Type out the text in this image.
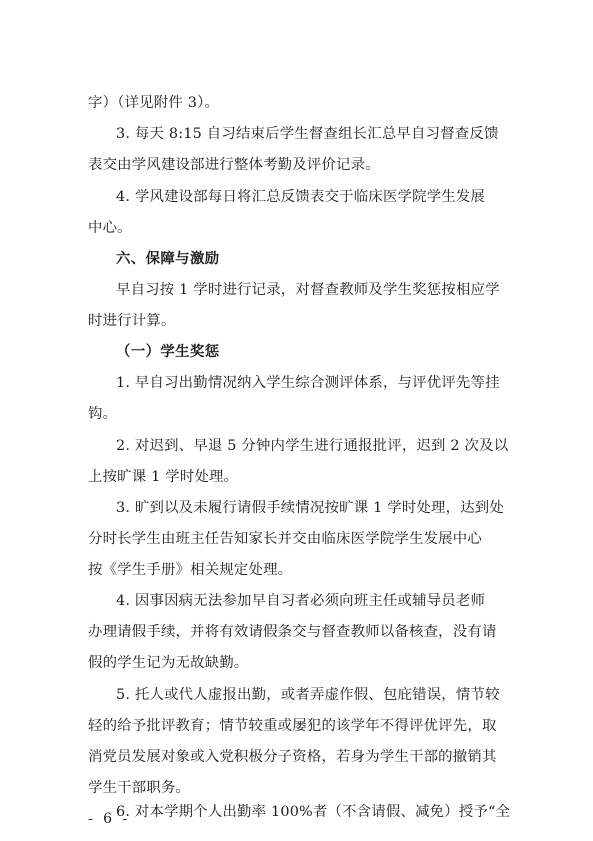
字）（详见附件 3）。
3. 每天 8:15 自习结束后学生督查组长汇总早自习督查反馈
表交由学风建设部进行整体考勤及评价记录。
4. 学风建设部每日将汇总反馈表交于临床医学院学生发展
中心。
六、保障与激励
早自习按 1 学时进行记录，对督查教师及学生奖惩按相应学
时进行计算。
（一）学生奖惩
1. 早自习出勤情况纳入学生综合测评体系，与评优评先等挂
钩。
2. 对迟到、早退 5 分钟内学生进行通报批评，迟到 2 次及以
上按旷课 1 学时处理。
3. 旷到以及未履行请假手续情况按旷课 1 学时处理，达到处
分时长学生由班主任告知家长并交由临床医学院学生发展中心
按《学生手册》相关规定处理。
4. 因事因病无法参加早自习者必须向班主任或辅导员老师
办理请假手续，并将有效请假条交与督查教师以备核查，没有请
假的学生记为无故缺勤。
5. 托人或代人虚报出勤，或者弄虚作假、包庇错误，情节较
轻的给予批评教育；情节较重或屡犯的该学年不得评优评先，取
消党员发展对象或入党积极分子资格，若身为学生干部的撤销其
学生干部职务。
6. 对本学期个人出勤率 100%者（不含请假、减免）授予“全
- 6 -
